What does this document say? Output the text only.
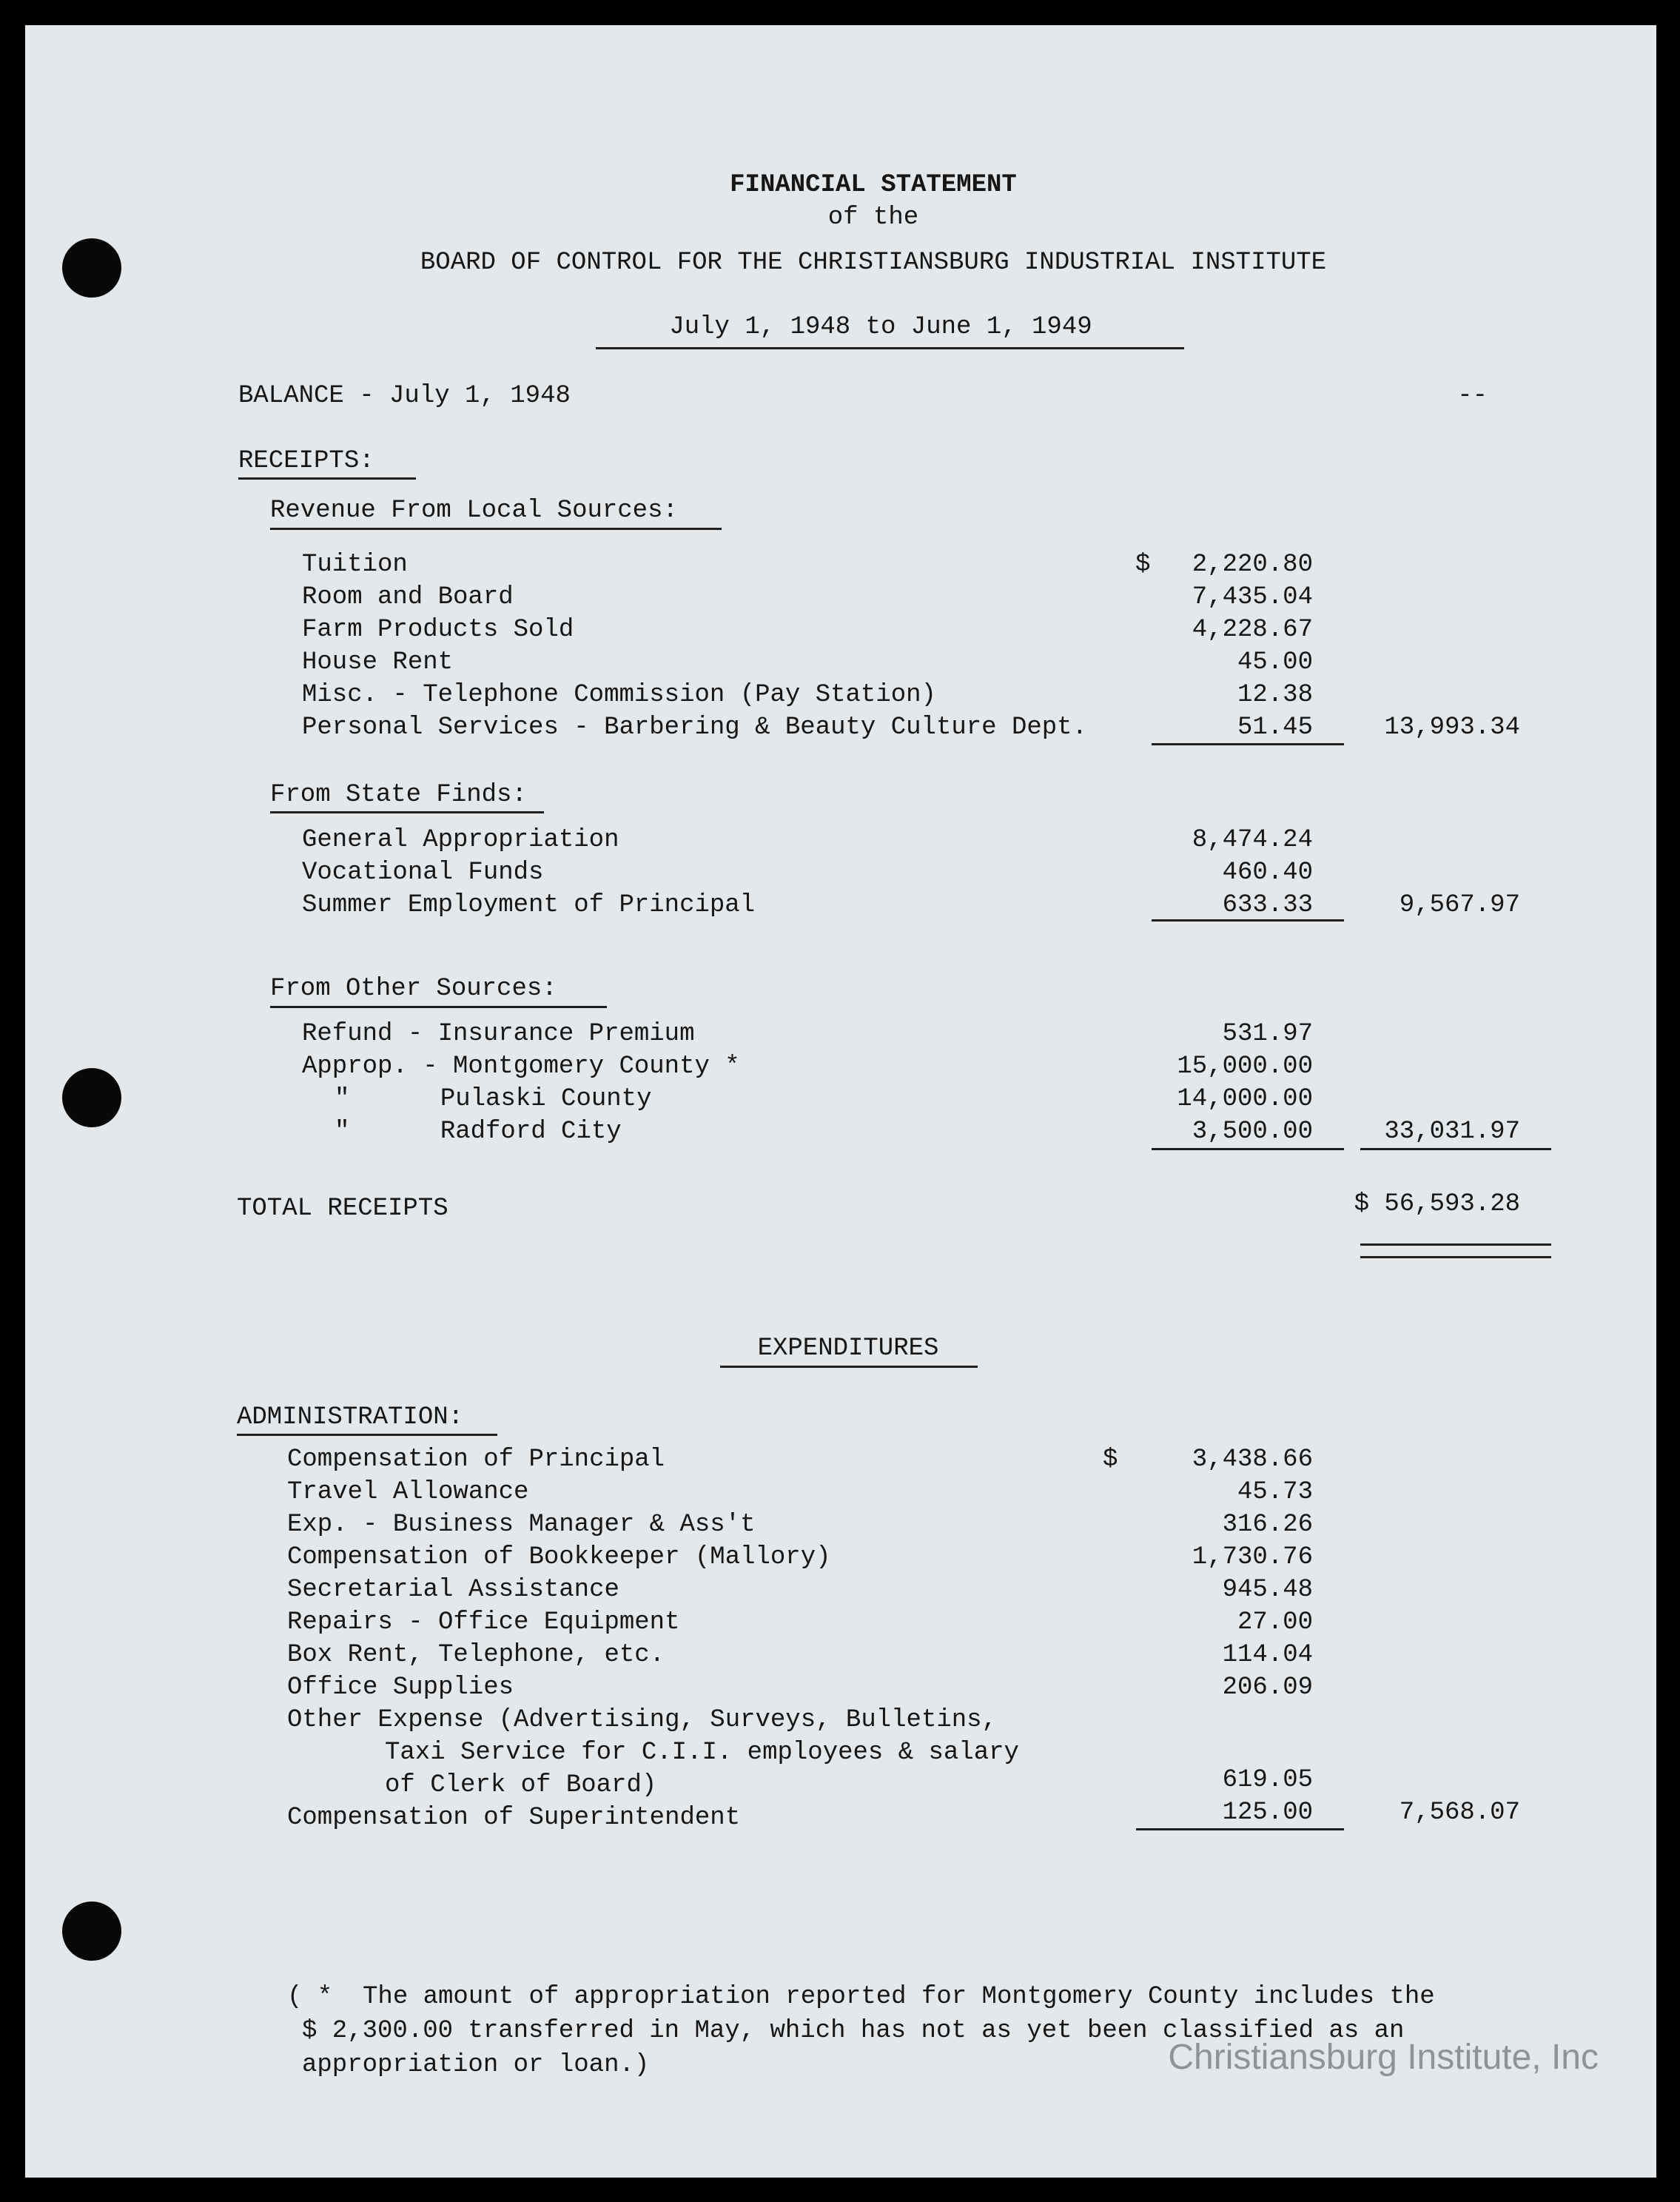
FINANCIAL STATEMENT
of the
BOARD OF CONTROL FOR THE CHRISTIANSBURG INDUSTRIAL INSTITUTE
July 1, 1948 to June 1, 1949
BALANCE - July 1, 1948	--
RECEIPTS:
Revenue From Local Sources:
$
Tuition	2,220.80
Room and Board	7,435.04
Farm Products Sold	4,228.67
House Rent	45.00
Misc. - Telephone Commission (Pay Station)	12.38
Personal Services - Barbering & Beauty Culture Dept.	51.45	13,993.34
From State Finds:
General Appropriation	8,474.24
Vocational Funds	460.40
Summer Employment of Principal	633.33	9,567.97
From Other Sources:
Refund - Insurance Premium	531.97
Approp. - Montgomery County *	15,000.00
"      Pulaski County	14,000.00
"      Radford City	3,500.00	33,031.97
TOTAL RECEIPTS	$ 56,593.28
EXPENDITURES
ADMINISTRATION:
$
Compensation of Principal	3,438.66
Travel Allowance	45.73
Exp. - Business Manager & Ass't	316.26
Compensation of Bookkeeper (Mallory)	1,730.76
Secretarial Assistance	945.48
Repairs - Office Equipment	27.00
Box Rent, Telephone, etc.	114.04
Office Supplies	206.09
Other Expense (Advertising, Surveys, Bulletins,
Taxi Service for C.I.I. employees & salary
of Clerk of Board)	619.05
Compensation of Superintendent	125.00	7,568.07
( *  The amount of appropriation reported for Montgomery County includes the
$ 2,300.00 transferred in May, which has not as yet been classified as an
appropriation or loan.)	Christiansburg Institute, Inc
